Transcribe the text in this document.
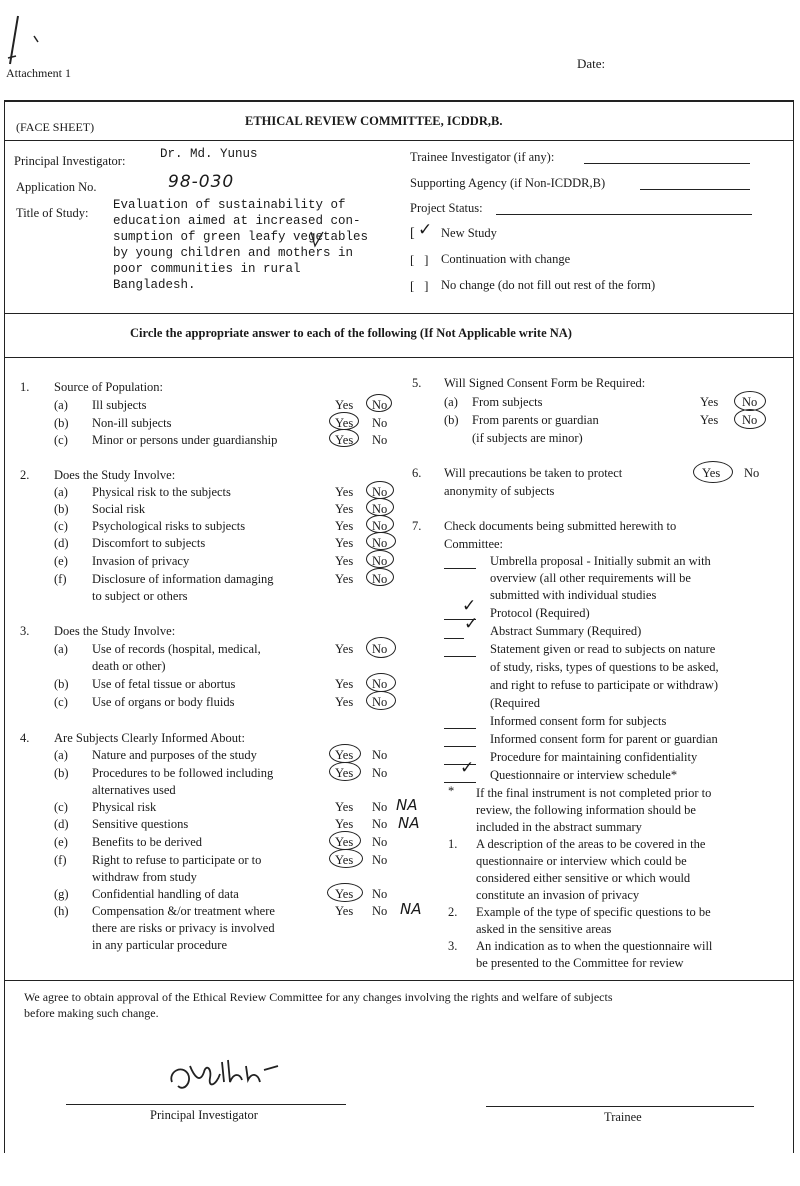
Attachment 1
Date:
(FACE SHEET)	ETHICAL REVIEW COMMITTEE, ICDDR,B.
Principal Investigator:	Dr. Md. Yunus
Application No.	98-030
Title of Study:
Evaluation of sustainability of
education aimed at increased con-
sumption of green leafy vegetables
by young children and mothers in
poor communities in rural
Bangladesh.
Trainee Investigator (if any):
Supporting Agency (if Non-ICDDR,B)
Project Status:
[ ✓ New Study
[   ] Continuation with change
[   ] No change (do not fill out rest of the form)
Circle the appropriate answer to each of the following (If Not Applicable write NA)
1. Source of Population:
(a) Ill subjects	Yes No
(b) Non-ill subjects	Yes No
(c) Minor or persons under guardianship	Yes No
2. Does the Study Involve:
(a) Physical risk to the subjects	Yes No
(b) Social risk	Yes No
(c) Psychological risks to subjects	Yes No
(d) Discomfort to subjects	Yes No
(e) Invasion of privacy	Yes No
(f) Disclosure of information damaging
to subject or others
Yes No
3. Does the Study Involve:
(a) Use of records (hospital, medical,
death or other)
Yes No
(b) Use of fetal tissue or abortus	Yes No
(c) Use of organs or body fluids	Yes No
4. Are Subjects Clearly Informed About:
(a) Nature and purposes of the study	Yes No
(b) Procedures to be followed including
alternatives used
Yes No
(c) Physical risk	Yes No NA
(d) Sensitive questions	Yes No NA
(e) Benefits to be derived	Yes No
(f) Right to refuse to participate or to
withdraw from study
Yes No
(g) Confidential handling of data	Yes No
(h) Compensation &/or treatment where
there are risks or privacy is involved
in any particular procedure
Yes No NA
5. Will Signed Consent Form be Required:
(a) From subjects	Yes No
(b) From parents or guardian
(if subjects are minor)
Yes No
6. Will precautions be taken to protect
anonymity of subjects
Yes No
7. Check documents being submitted herewith to
Committee:
Umbrella proposal - Initially submit an with
overview (all other requirements will be
submitted with individual studies
✓ Protocol (Required)
✓ Abstract Summary (Required)
Statement given or read to subjects on nature
of study, risks, types of questions to be asked,
and right to refuse to participate or withdraw)
(Required
Informed consent form for subjects
Informed consent form for parent or guardian
Procedure for maintaining confidentiality
✓ Questionnaire or interview schedule*
* If the final instrument is not completed prior to
review, the following information should be
included in the abstract summary
1. A description of the areas to be covered in the
questionnaire or interview which could be
considered either sensitive or which would
constitute an invasion of privacy
2. Example of the type of specific questions to be
asked in the sensitive areas
3. An indication as to when the questionnaire will
be presented to the Committee for review
We agree to obtain approval of the Ethical Review Committee for any changes involving the rights and welfare of subjects
before making such change.
Principal Investigator	Trainee
